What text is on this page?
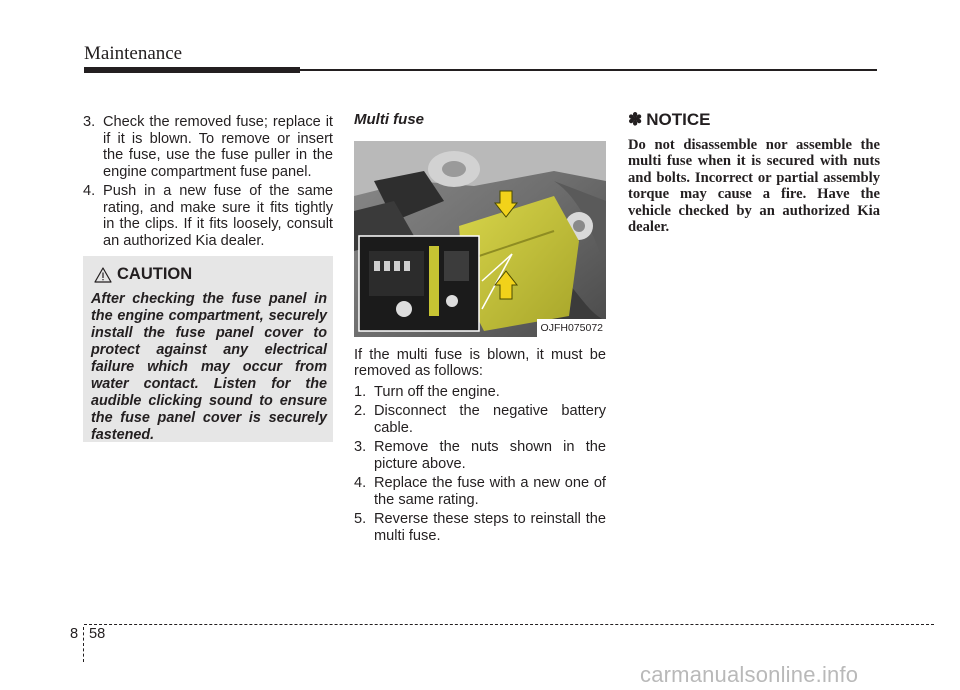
Maintenance
3. Check the removed fuse; replace it if it is blown. To remove or insert the fuse, use the fuse puller in the engine compartment fuse panel.
4. Push in a new fuse of the same rating, and make sure it fits tightly in the clips. If it fits loosely, consult an authorized Kia dealer.
CAUTION
After checking the fuse panel in the engine compartment, securely install the fuse panel cover to protect against any electrical failure which may occur from water contact. Listen for the audible clicking sound to ensure the fuse panel cover is securely fastened.
Multi fuse
OJFH075072
If the multi fuse is blown, it must be removed as follows:
1. Turn off the engine.
2. Disconnect the negative battery cable.
3. Remove the nuts shown in the picture above.
4. Replace the fuse with a new one of the same rating.
5. Reverse these steps to reinstall the multi fuse.
✽ NOTICE
Do not disassemble nor assemble the multi fuse when it is secured with nuts and bolts. Incorrect or partial assembly torque may cause a fire. Have the vehicle checked by an authorized Kia dealer.
8 58
carmanualsonline.info
